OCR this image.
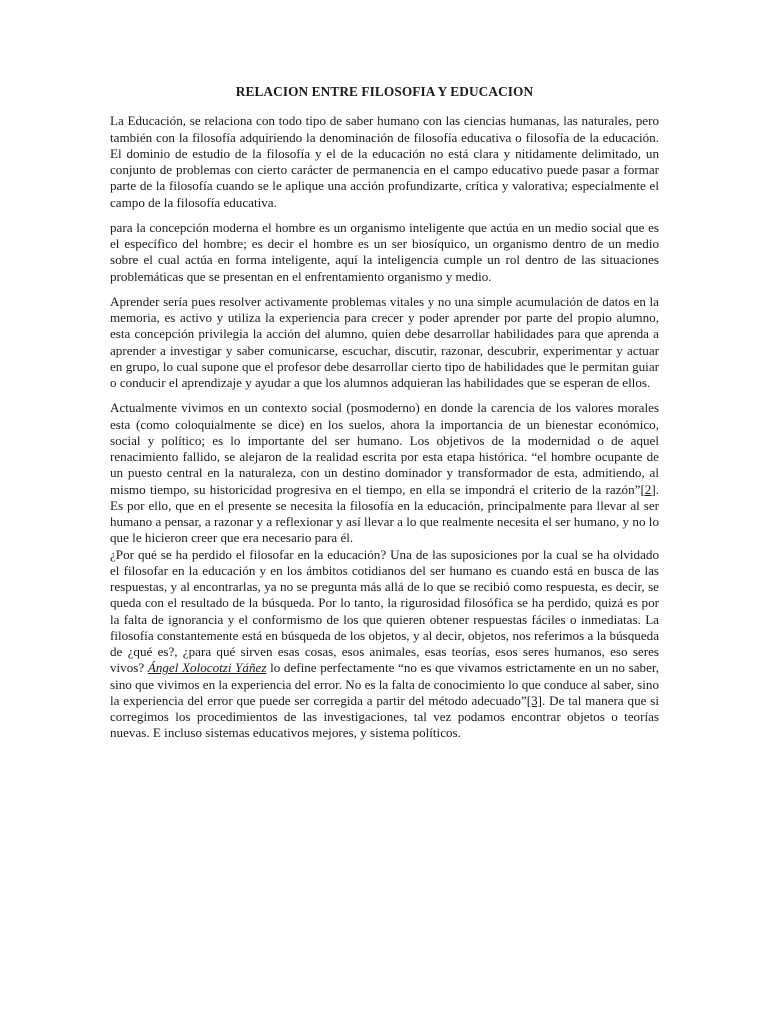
RELACION ENTRE FILOSOFIA Y EDUCACION

La Educación, se relaciona con todo tipo de saber humano con las ciencias humanas, las naturales, pero también con la filosofía adquiriendo la denominación de filosofía educativa o filosofía de la educación. El dominio de estudio de la filosofía y el de la educación no está clara y nitidamente delimitado, un conjunto de problemas con cierto carácter de permanencia en el campo educativo puede pasar a formar parte de la filosofía cuando se le aplique una acción profundizarte, crítica y valorativa; especialmente el campo de la filosofía educativa.

para la concepción moderna el hombre es un organismo inteligente que actúa en un medio social que es el específico del hombre; es decir el hombre es un ser biosíquico, un organismo dentro de un medio sobre el cual actúa en forma inteligente, aquí la inteligencia cumple un rol dentro de las situaciones problemáticas que se presentan en el enfrentamiento organismo y medio.

Aprender sería pues resolver activamente problemas vitales y no una simple acumulación de datos en la memoria, es activo y utiliza la experiencia para crecer y poder aprender por parte del propio alumno, esta concepción privilegia la acción del alumno, quien debe desarrollar habilidades para que aprenda a aprender a investigar y saber comunicarse, escuchar, discutir, razonar, descubrir, experimentar y actuar en grupo, lo cual supone que el profesor debe desarrollar cierto tipo de habilidades que le permitan guiar o conducir el aprendizaje y ayudar a que los alumnos adquieran las habilidades que se esperan de ellos.

Actualmente vivimos en un contexto social (posmoderno) en donde la carencia de los valores morales esta (como coloquialmente se dice) en los suelos, ahora la importancia de un bienestar económico, social y político; es lo importante del ser humano. Los objetivos de la modernidad o de aquel renacimiento fallido, se alejaron de la realidad escrita por esta etapa histórica. “el hombre ocupante de un puesto central en la naturaleza, con un destino dominador y transformador de esta, admitiendo, al mismo tiempo, su historicidad progresiva en el tiempo, en ella se impondrá el criterio de la razón”[2]. Es por ello, que en el presente se necesita la filosofía en la educación, principalmente para llevar al ser humano a pensar, a razonar y a reflexionar y así llevar a lo que realmente necesita el ser humano, y no lo que le hicieron creer que era necesario para él.

¿Por qué se ha perdido el filosofar en la educación? Una de las suposiciones por la cual se ha olvidado el filosofar en la educación y en los ámbitos cotidianos del ser humano es cuando está en busca de las respuestas, y al encontrarlas, ya no se pregunta más allá de lo que se recibió como respuesta, es decir, se queda con el resultado de la búsqueda. Por lo tanto, la rigurosidad filosófica se ha perdido, quizá es por la falta de ignorancia y el conformismo de los que quieren obtener respuestas fáciles o inmediatas. La filosofía constantemente está en búsqueda de los objetos, y al decir, objetos, nos referimos a la búsqueda de ¿qué es?, ¿para qué sirven esas cosas, esos animales, esas teorías, esos seres humanos, eso seres vivos? Ángel Xolocotzi Yáñez lo define perfectamente “no es que vivamos estrictamente en un no saber, sino que vivimos en la experiencia del error. No es la falta de conocimiento lo que conduce al saber, sino la experiencia del error que puede ser corregida a partir del método adecuado”[3]. De tal manera que si corregimos los procedimientos de las investigaciones, tal vez podamos encontrar objetos o teorías nuevas. E incluso sistemas educativos mejores, y sistema políticos.
